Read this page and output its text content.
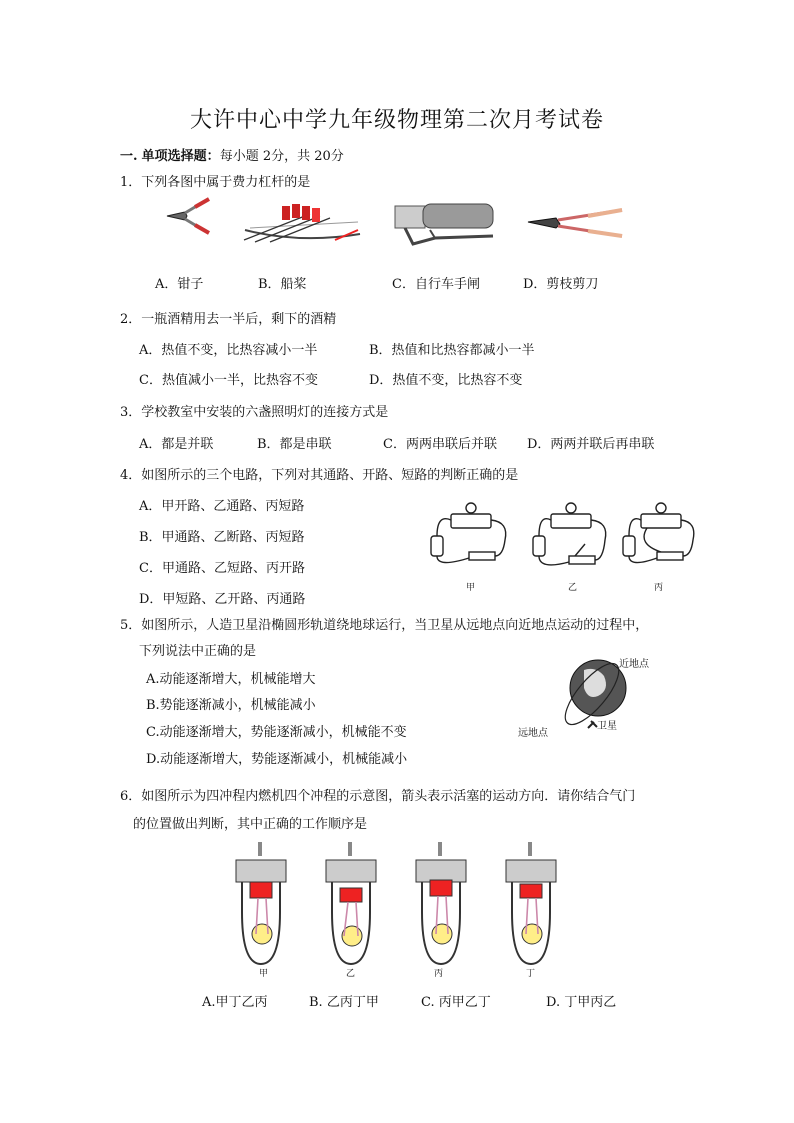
大许中心中学九年级物理第二次月考试卷
一. 单项选择题：每小题 2分，共 20分
1．下列各图中属于费力杠杆的是
A．钳子	B．船桨	C．自行车手闸	D．剪枝剪刀
2．一瓶酒精用去一半后，剩下的酒精
A．热值不变，比热容减小一半	B．热值和比热容都减小一半
C．热值减小一半，比热容不变	D．热值不变，比热容不变
3．学校教室中安装的六盏照明灯的连接方式是
A．都是并联	B．都是串联	C．两两串联后并联 D．两两并联后再串联
4．如图所示的三个电路，下列对其通路、开路、短路的判断正确的是
A．甲开路、乙通路、丙短路
B．甲通路、乙断路、丙短路
C．甲通路、乙短路、丙开路
D．甲短路、乙开路、丙通路
甲	乙	丙
5．如图所示，人造卫星沿椭圆形轨道绕地球运行，当卫星从远地点向近地点运动的过程中，
下列说法中正确的是
A.动能逐渐增大，机械能增大
B.势能逐渐减小，机械能减小
C.动能逐渐增大，势能逐渐减小，机械能不变
D.动能逐渐增大，势能逐渐减小，机械能减小
近地点
卫星
远地点
6．如图所示为四冲程内燃机四个冲程的示意图，箭头表示活塞的运动方向．请你结合气门
的位置做出判断，其中正确的工作顺序是
甲	乙	丙	丁
A.甲丁乙丙	B. 乙丙丁甲	C. 丙甲乙丁	D. 丁甲丙乙
